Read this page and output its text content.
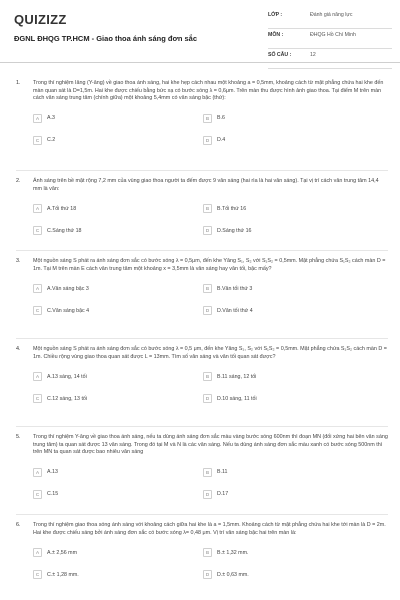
QUIZIZZ
ĐGNL ĐHQG TP.HCM - Giao thoa ánh sáng đơn sắc
LỚP :	Đánh giá năng lực
MÔN :	ĐHQG Hồ Chí Minh
SỐ CÂU :	12
1.	Trong thí nghiệm Iâng (Y-âng) về giao thoa ánh sáng, hai khe hẹp cách nhau một khoảng a = 0,5mm, khoảng cách từ mặt phẳng chứa hai khe đến màn quan sát là D=1,5m. Hai khe được chiếu bằng bức xạ có bước sóng λ = 0,6μm. Trên màn thu được hình ảnh giao thoa. Tại điểm M trên màn cách vân sáng trung tâm (chính giữa) một khoảng 5,4mm có vân sáng bậc (thứ):
A	A.3	B	B.6
C	C.2	D	D.4
2.	Ánh sáng trên bề mặt rộng 7,2 mm của vùng giao thoa người ta đếm được 9 vân sáng (hai rìa là hai vân sáng). Tại vị trí cách vân trung tâm 14,4 mm là vân:
A	A.Tối thứ 18	B	B.Tối thứ 16
C	C.Sáng thứ 18	D	D.Sáng thứ 16
3.	Một nguồn sáng S phát ra ánh sáng đơn sắc có bước sóng λ = 0,5μm, đến khe Yâng S₁, S₂ với S₁S₂ = 0,5mm. Mặt phẳng chứa S₁S₂ cách màn D = 1m. Tại M trên màn E cách vân trung tâm một khoảng x = 3,5mm là vân sáng hay vân tối, bậc mấy?
A	A.Vân sáng bậc 3	B	B.Vân tối thứ 3
C	C.Vân sáng bậc 4	D	D.Vân tối thứ 4
4.	Một nguồn sáng S phát ra ánh sáng đơn sắc có bước sóng λ = 0,5 μm, đến khe Yâng S₁, S₂ với S₁S₂ = 0,5mm. Mặt phẳng chứa S₁S₂ cách màn D = 1m. Chiều rộng vùng giao thoa quan sát được L = 13mm. Tìm số vân sáng và vân tối quan sát được?
A	A.13 sáng, 14 tối	B	B.11 sáng, 12 tối
C	C.12 sáng, 13 tối	D	D.10 sáng, 11 tối
5.	Trong thí nghiệm Y-âng về giao thoa ánh sáng, nếu ta dùng ánh sáng đơn sắc màu vàng bước sóng 600nm thì đoạn MN (đối xứng hai bên vân sáng trung tâm) ta quan sát được 13 vân sáng. Trong đó tại M và N là các vân sáng. Nếu ta dùng ánh sáng đơn sắc màu xanh có bước sóng 500nm thì trên MN ta quan sát được bao nhiêu vân sáng
A	A.13	B	B.11
C	C.15	D	D.17
6.	Trong thí nghiệm giao thoa sóng ánh sáng với khoảng cách giữa hai khe là a = 1,5mm. Khoảng cách từ mặt phẳng chứa hai khe tới màn là D = 2m. Hai khe được chiếu sáng bởi ánh sáng đơn sắc có bước sóng λ= 0,48 μm. Vị trí vân sáng bậc hai trên màn là:
A	A.± 2,56 mm	B	B.± 1,32 mm.
C	C.± 1,28 mm.	D	D.± 0,63 mm.
